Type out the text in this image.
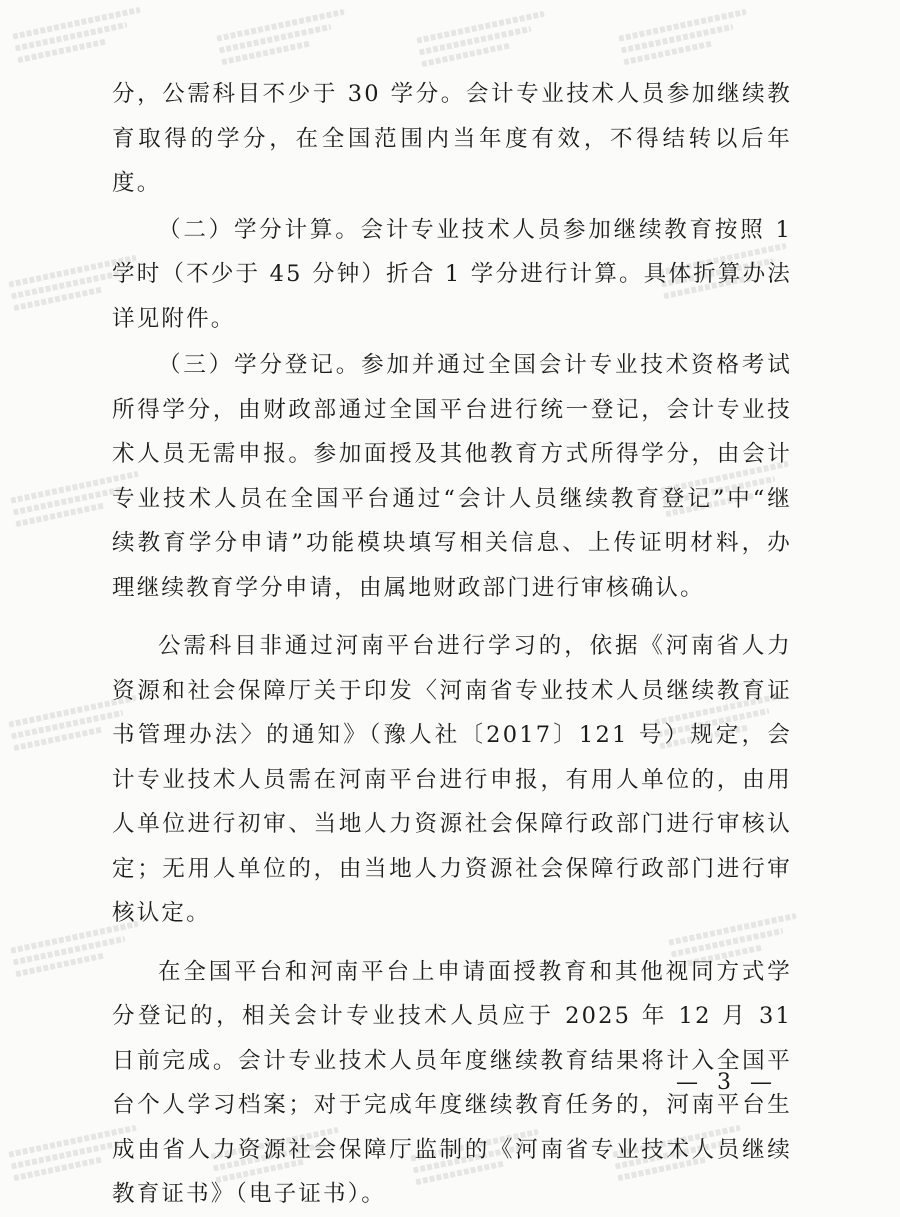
分，公需科目不少于 30 学分。会计专业技术人员参加继续教育取得的学分，在全国范围内当年度有效，不得结转以后年度。

（二）学分计算。会计专业技术人员参加继续教育按照 1 学时（不少于 45 分钟）折合 1 学分进行计算。具体折算办法详见附件。

（三）学分登记。参加并通过全国会计专业技术资格考试所得学分，由财政部通过全国平台进行统一登记，会计专业技术人员无需申报。参加面授及其他教育方式所得学分，由会计专业技术人员在全国平台通过“会计人员继续教育登记”中“继续教育学分申请”功能模块填写相关信息、上传证明材料，办理继续教育学分申请，由属地财政部门进行审核确认。

公需科目非通过河南平台进行学习的，依据《河南省人力资源和社会保障厅关于印发〈河南省专业技术人员继续教育证书管理办法〉的通知》（豫人社〔2017〕121 号）规定，会计专业技术人员需在河南平台进行申报，有用人单位的，由用人单位进行初审、当地人力资源社会保障行政部门进行审核认定；无用人单位的，由当地人力资源社会保障行政部门进行审核认定。

在全国平台和河南平台上申请面授教育和其他视同方式学分登记的，相关会计专业技术人员应于 2025 年 12 月 31 日前完成。会计专业技术人员年度继续教育结果将计入全国平台个人学习档案；对于完成年度继续教育任务的，河南平台生成由省人力资源社会保障厅监制的《河南省专业技术人员继续教育证书》（电子证书）。

— 3 —
